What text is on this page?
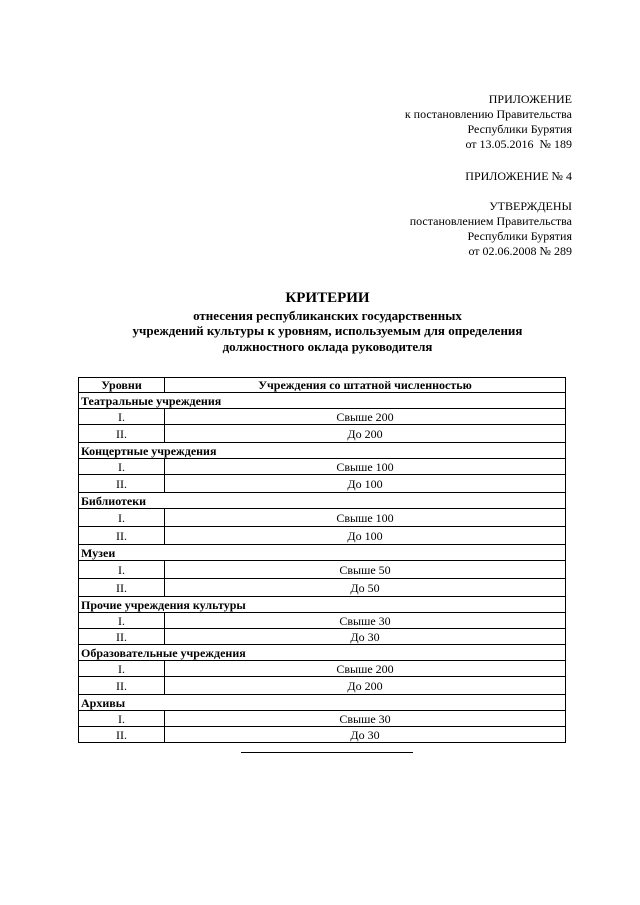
ПРИЛОЖЕНИЕ
к постановлению Правительства
Республики Бурятия
от 13.05.2016  № 189
ПРИЛОЖЕНИЕ № 4
УТВЕРЖДЕНЫ
постановлением Правительства
Республики Бурятия
от 02.06.2008 № 289
КРИТЕРИИ
отнесения республиканских государственных
учреждений культуры к уровням, используемым для определения
должностного оклада руководителя
Уровни	Учреждения со штатной численностью
Театральные учреждения	
I.	Свыше 200
II.	До 200
Концертные учреждения	
I.	Свыше 100
II.	До 100
Библиотеки	
I.	Свыше 100
II.	До 100
Музеи	
I.	Свыше 50
II.	До 50
Прочие учреждения культуры	
I.	Свыше 30
II.	До 30
Образовательные учреждения	
I.	Свыше 200
II.	До 200
Архивы	
I.	Свыше 30
II.	До 30
